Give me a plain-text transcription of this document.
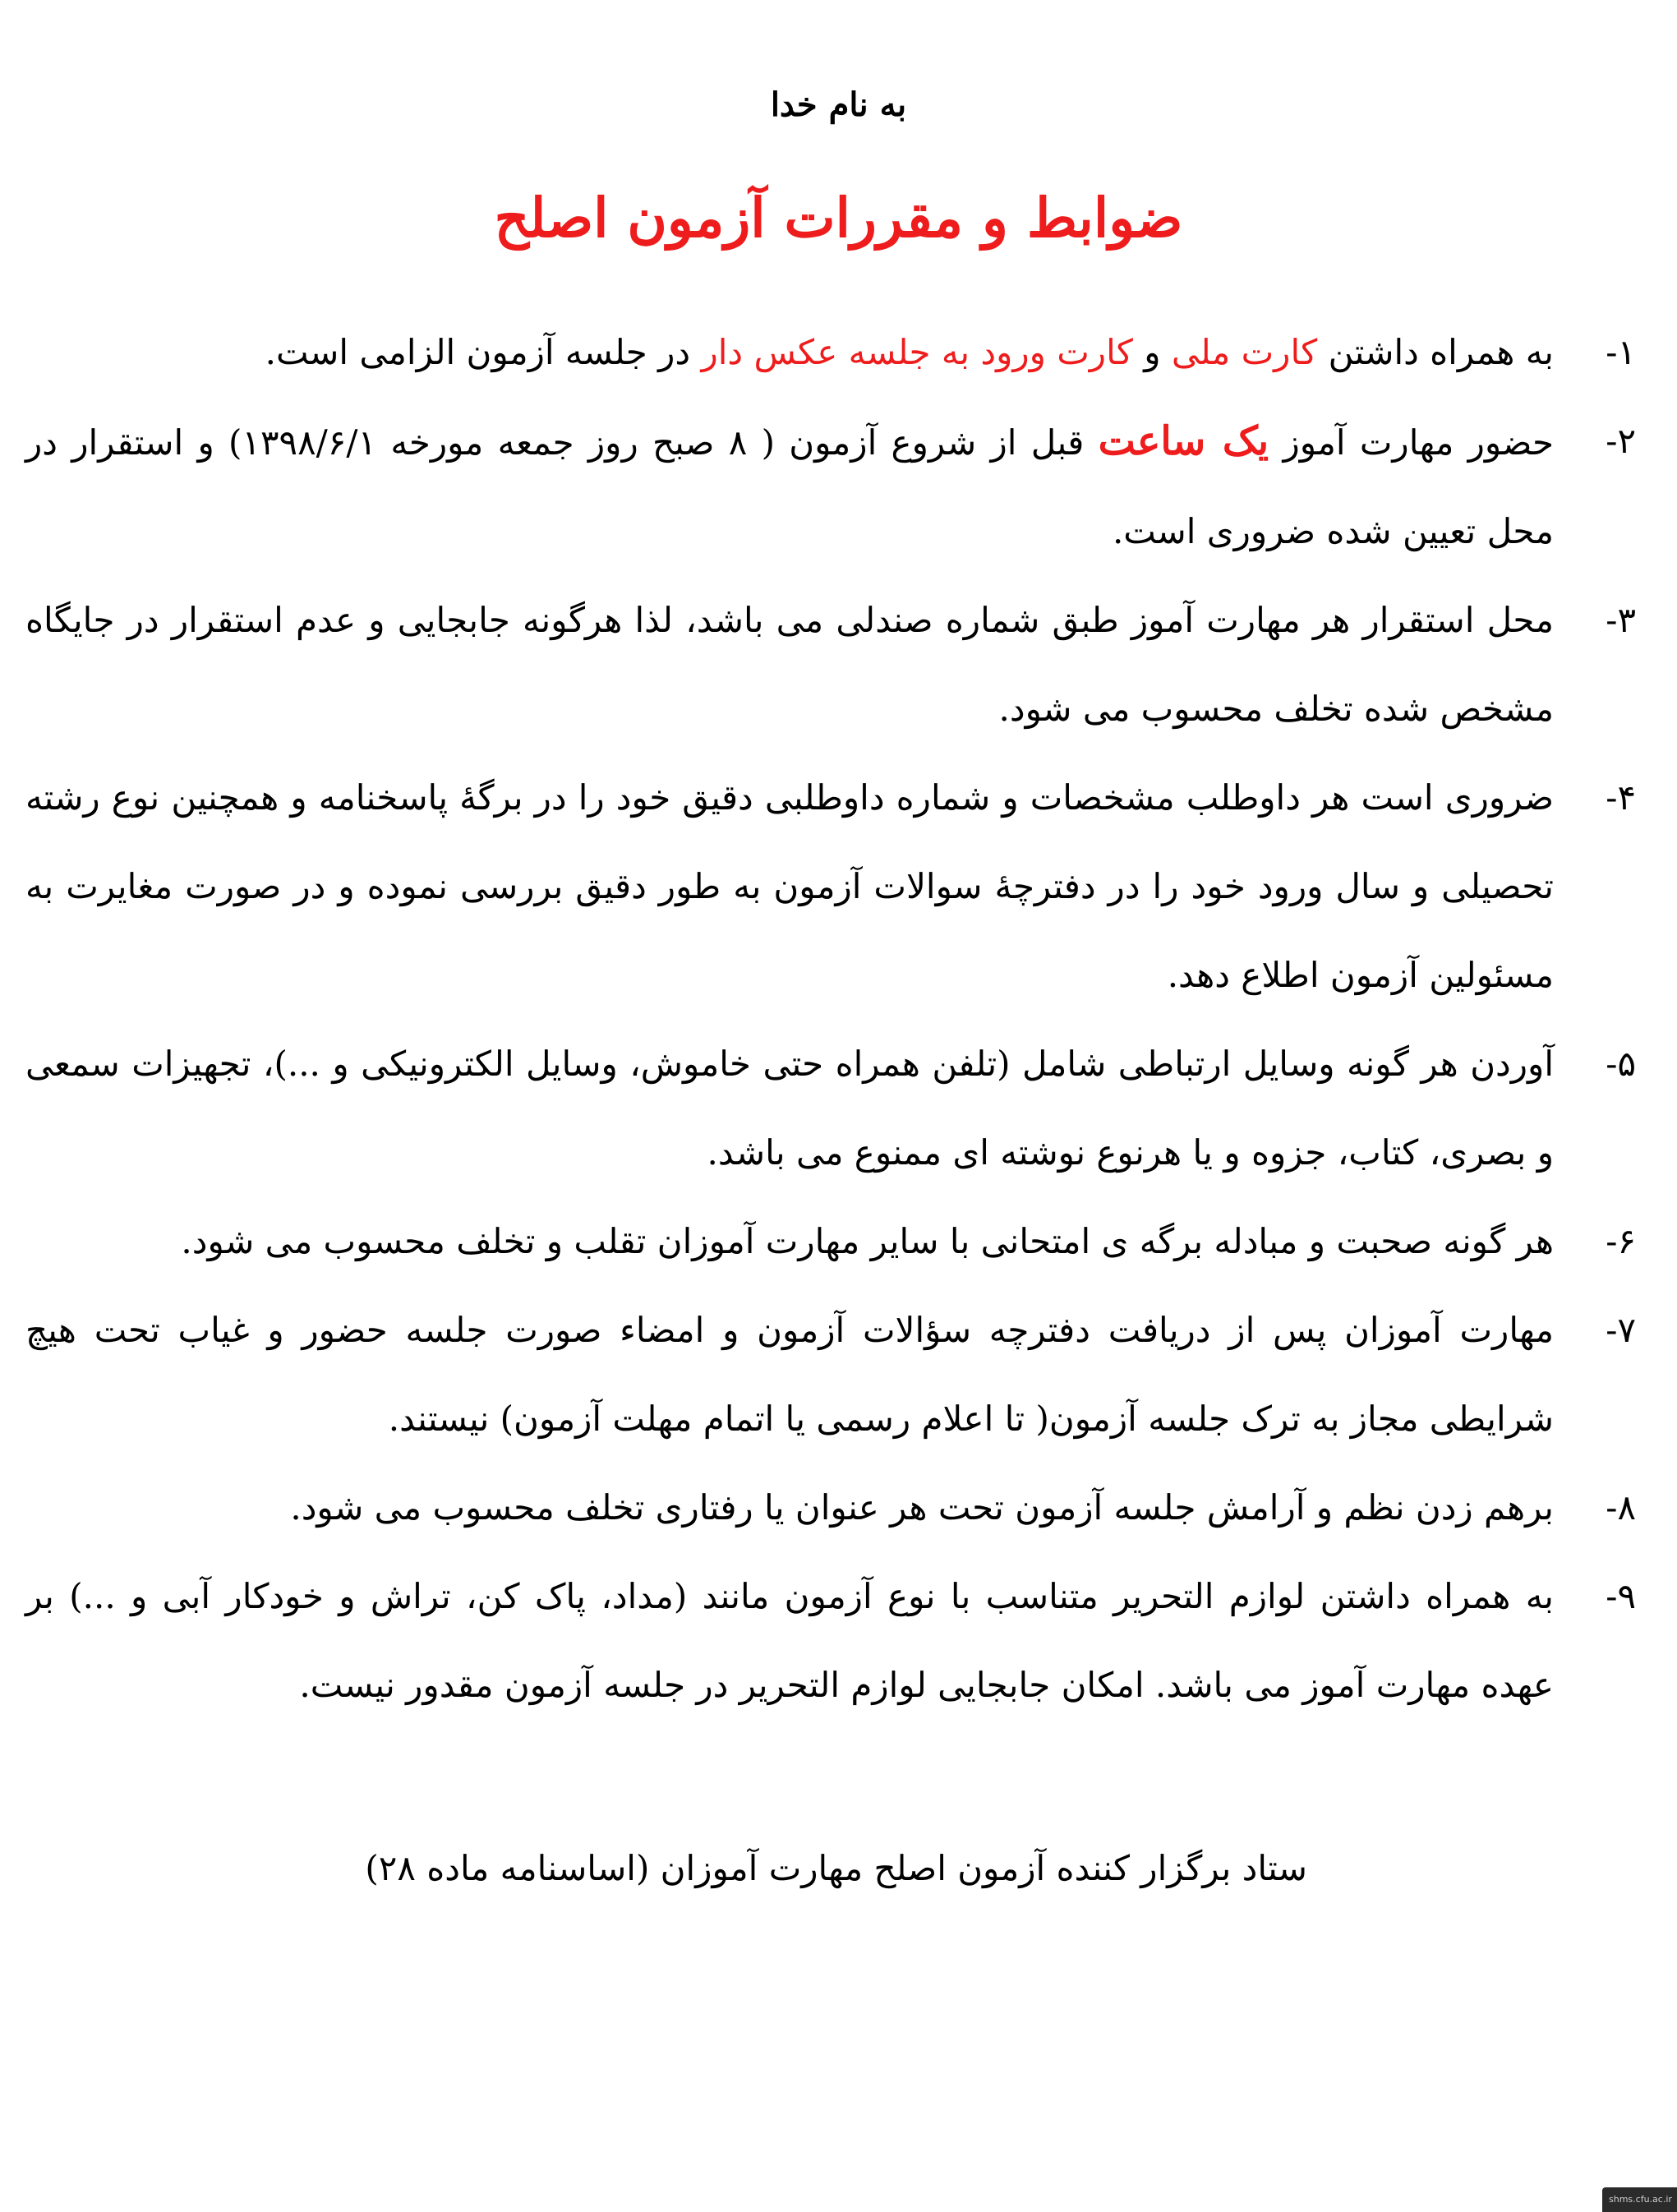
به نام خدا
ضوابط و مقررات آزمون اصلح
۱-
به همراه داشتن کارت ملی و کارت ورود به جلسه عکس دار در جلسه آزمون الزامی است.
۲-
حضور مهارت آموز یک ساعت قبل از شروع آزمون ( ۸ صبح روز جمعه مورخه ۱۳۹۸/۶/۱) و استقرار در محل تعیین شده ضروری است.
۳-
محل استقرار هر مهارت آموز طبق شماره صندلی می باشد، لذا هرگونه جابجایی و عدم استقرار در جایگاه مشخص شده تخلف محسوب می شود.
۴-
ضروری است هر داوطلب مشخصات و شماره داوطلبی دقیق خود را در برگهٔ پاسخنامه و همچنین نوع رشته تحصیلی و سال ورود خود را در دفترچهٔ سوالات آزمون به طور دقیق بررسی نموده و در صورت مغایرت به مسئولین آزمون اطلاع دهد.
۵-
آوردن هر گونه وسایل ارتباطی شامل (تلفن همراه حتی خاموش، وسایل الکترونیکی و ...)، تجهیزات سمعی و بصری، کتاب، جزوه و یا هرنوع نوشته ای ممنوع می باشد.
۶-
هر گونه صحبت و مبادله برگه ی امتحانی با سایر مهارت آموزان تقلب و تخلف محسوب می شود.
۷-
مهارت آموزان پس از دریافت دفترچه سؤالات آزمون و امضاء صورت جلسه حضور و غیاب تحت هیچ شرایطی مجاز به ترک جلسه آزمون( تا اعلام رسمی یا اتمام مهلت آزمون) نیستند.
۸-
برهم زدن نظم و آرامش جلسه آزمون تحت هر عنوان یا رفتاری تخلف محسوب می شود.
۹-
به همراه داشتن لوازم التحریر متناسب با نوع آزمون مانند (مداد، پاک کن، تراش و خودکار آبی و ...) بر عهده مهارت آموز می باشد. امکان جابجایی لوازم التحریر در جلسه آزمون مقدور نیست.
ستاد برگزار کننده آزمون اصلح مهارت آموزان (اساسنامه ماده ۲۸)
shms.cfu.ac.ir
